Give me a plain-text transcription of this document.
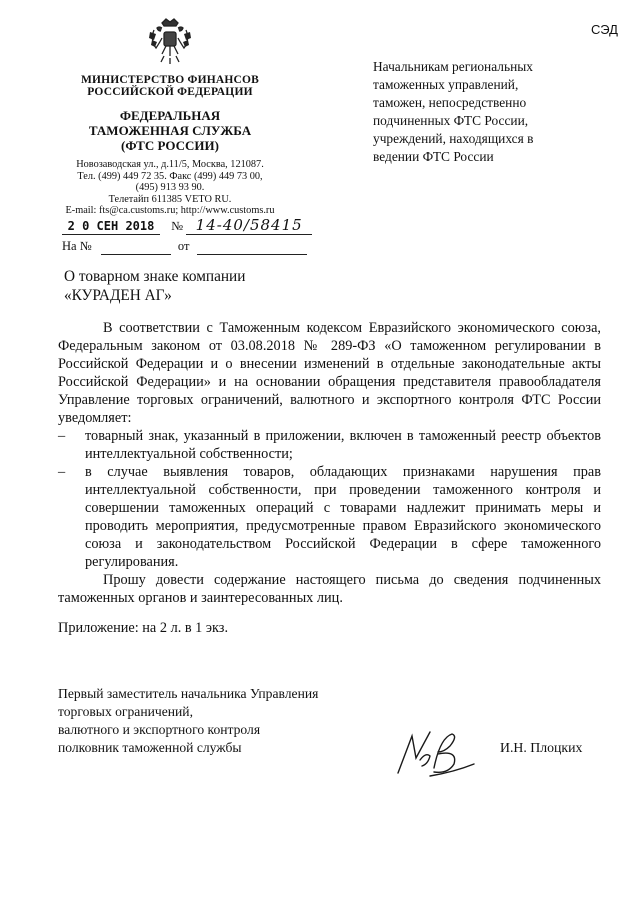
СЭД
МИНИСТЕРСТВО ФИНАНСОВ
РОССИЙСКОЙ ФЕДЕРАЦИИ
ФЕДЕРАЛЬНАЯ
ТАМОЖЕННАЯ СЛУЖБА
(ФТС РОССИИ)
Новозаводская ул., д.11/5, Москва, 121087.
Тел. (499) 449 72 35. Факс (499) 449 73 00,
(495) 913 93 90.
Телетайп 611385 VETO RU.
E-mail: fts@ca.customs.ru; http://www.customs.ru
2 0 СЕН 2018 № 14-40/58415
На №	от
Начальникам региональных
таможенных управлений,
таможен, непосредственно
подчиненных ФТС России,
учреждений, находящихся в
ведении ФТС России
О товарном знаке компании
«КУРАДЕН АГ»

В соответствии с Таможенным кодексом Евразийского экономического союза, Федеральным законом от 03.08.2018 № 289-ФЗ «О таможенном регулировании в Российской Федерации и о внесении изменений в отдельные законодательные акты Российской Федерации» и на основании обращения представителя правообладателя Управление торговых ограничений, валютного и экспортного контроля ФТС России уведомляет:

– товарный знак, указанный в приложении, включен в таможенный реестр объектов интеллектуальной собственности;

– в случае выявления товаров, обладающих признаками нарушения прав интеллектуальной собственности, при проведении таможенного контроля и совершении таможенных операций с товарами надлежит принимать меры и проводить мероприятия, предусмотренные правом Евразийского экономического союза и законодательством Российской Федерации в сфере таможенного регулирования.

Прошу довести содержание настоящего письма до сведения подчиненных таможенных органов и заинтересованных лиц.

Приложение: на 2 л. в 1 экз.
Первый заместитель начальника Управления
торговых ограничений,
валютного и экспортного контроля
полковник таможенной службы	И.Н. Плоцких
